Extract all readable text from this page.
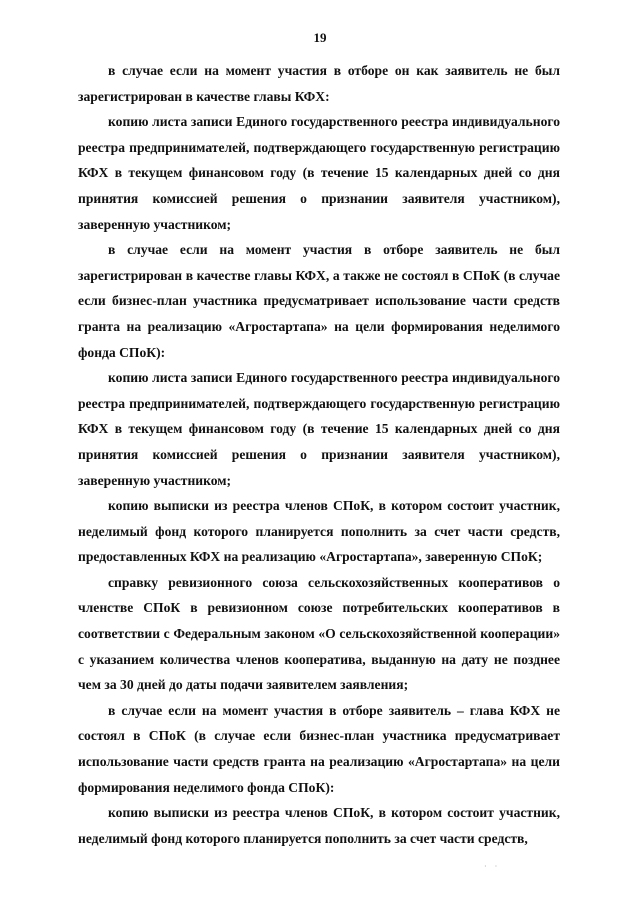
19

в случае если на момент участия в отборе он как заявитель не был зарегистрирован в качестве главы КФХ:

копию листа записи Единого государственного реестра индивидуального реестра предпринимателей, подтверждающего государственную регистрацию КФХ в текущем финансовом году (в течение 15 календарных дней со дня принятия комиссией решения о признании заявителя участником), заверенную участником;

в случае если на момент участия в отборе заявитель не был зарегистрирован в качестве главы КФХ, а также не состоял в СПоК (в случае если бизнес-план участника предусматривает использование части средств гранта на реализацию «Агростартапа» на цели формирования неделимого фонда СПоК):

копию листа записи Единого государственного реестра индивидуального реестра предпринимателей, подтверждающего государственную регистрацию КФХ в текущем финансовом году (в течение 15 календарных дней со дня принятия комиссией решения о признании заявителя участником), заверенную участником;

копию выписки из реестра членов СПоК, в котором состоит участник, неделимый фонд которого планируется пополнить за счет части средств, предоставленных КФХ на реализацию «Агростартапа», заверенную СПоК;

справку ревизионного союза сельскохозяйственных кооперативов о членстве СПоК в ревизионном союзе потребительских кооперативов в соответствии с Федеральным законом «О сельскохозяйственной кооперации» с указанием количества членов кооператива, выданную на дату не позднее чем за 30 дней до даты подачи заявителем заявления;

в случае если на момент участия в отборе заявитель – глава КФХ не состоял в СПоК (в случае если бизнес-план участника предусматривает использование части средств гранта на реализацию «Агростартапа» на цели формирования неделимого фонда СПоК):

копию выписки из реестра членов СПоК, в котором состоит участник, неделимый фонд которого планируется пополнить за счет части средств,

· ·
